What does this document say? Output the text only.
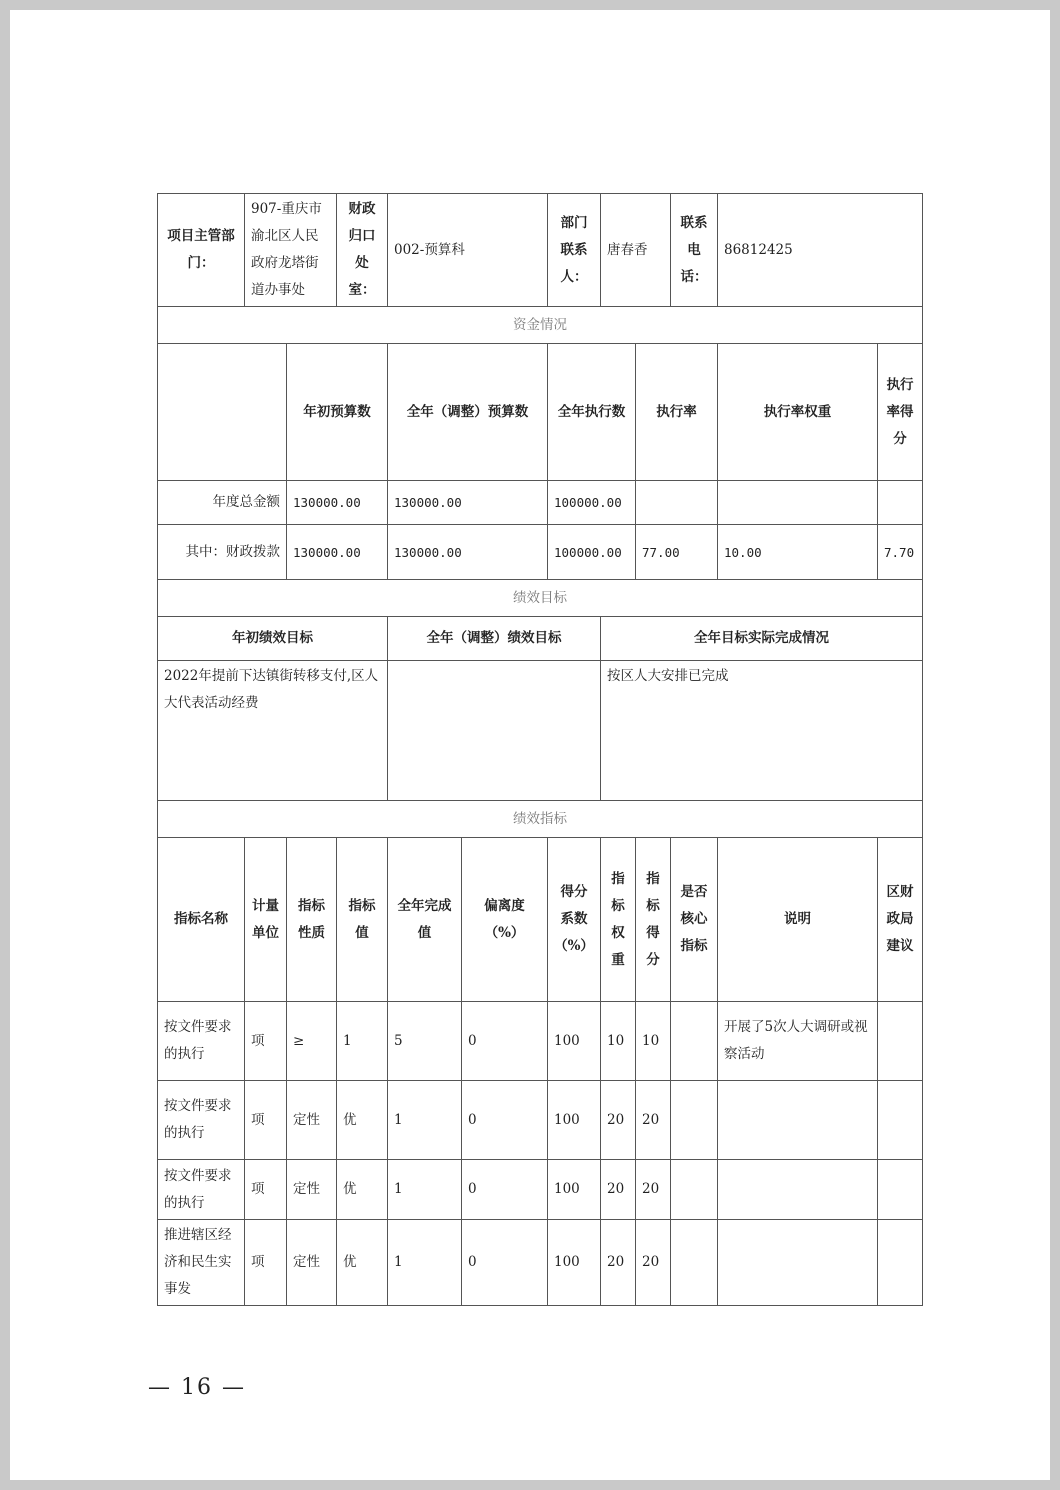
项目主管部门：	907-重庆市渝北区人民政府龙塔街道办事处		财政归口处室：	002-预算科		部门联系人：	唐春香		联系电话：	86812425	
资金情况											
		年初预算数		全年（调整）预算数		全年执行数		执行率		执行率权重	执行率得分
年度总金额		130000.00		130000.00		100000.00					
其中：财政拨款		130000.00		130000.00		100000.00		77.00		10.00	7.70
绩效目标											
年初绩效目标				全年（调整）绩效目标			全年目标实际完成情况				
2022年提前下达镇街转移支付,区人大代表活动经费							按区人大安排已完成				
绩效指标											
指标名称	计量单位	指标性质	指标值	全年完成值	偏离度（%）	得分系数（%）	指标权重	指标得分	是否核心指标	说明	区财政局建议
按文件要求的执行	项	≥	1	5	0	100	10	10		开展了5次人大调研或视察活动	
按文件要求的执行	项	定性	优	1	0	100	20	20			
按文件要求的执行	项	定性	优	1	0	100	20	20			
推进辖区经济和民生实事发	项	定性	优	1	0	100	20	20			
— 16 —
